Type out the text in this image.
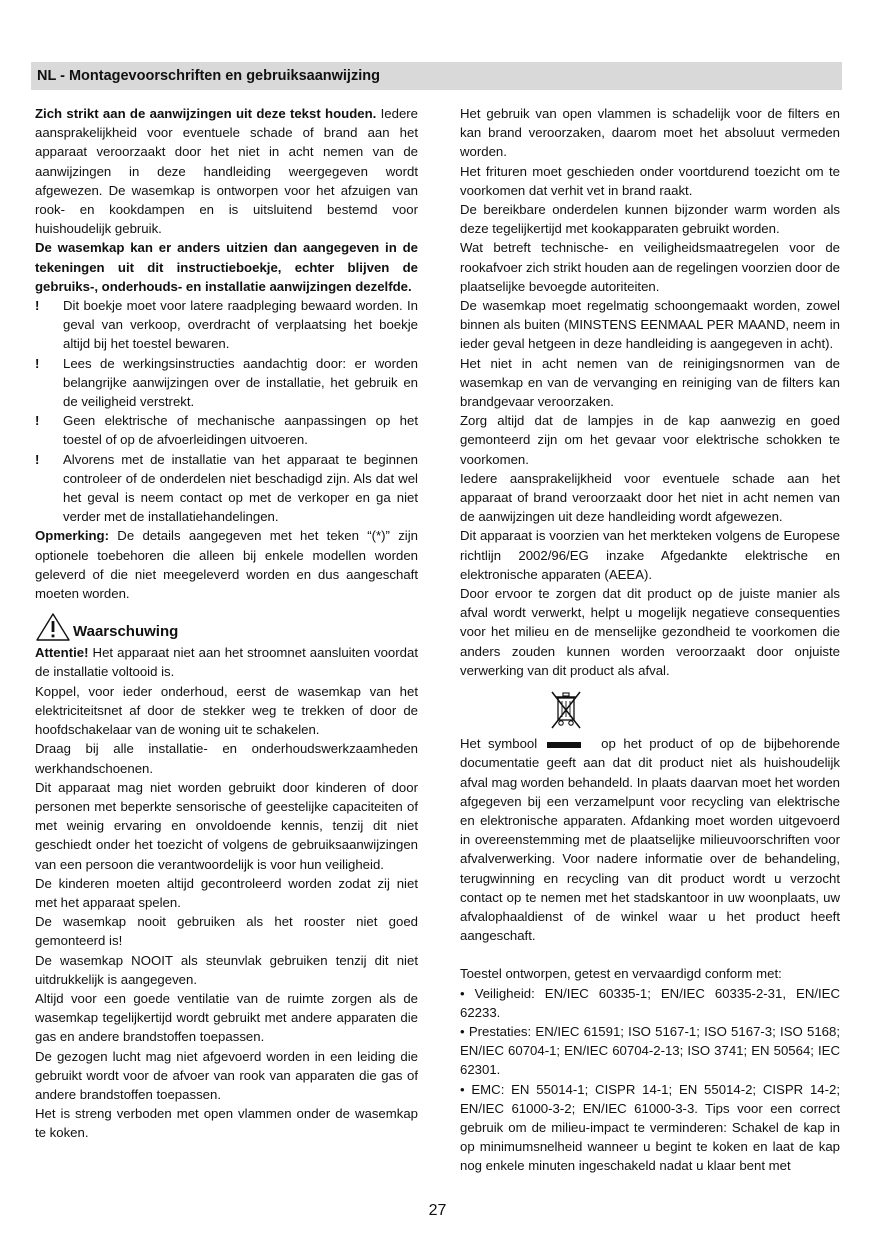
NL - Montagevoorschriften en gebruiksaanwijzing

Zich strikt aan de aanwijzingen uit deze tekst houden. Iedere aansprakelijkheid voor eventuele schade of brand aan het apparaat veroorzaakt door het niet in acht nemen van de aanwijzingen in deze handleiding weergegeven wordt afgewezen. De wasemkap is ontworpen voor het afzuigen van rook- en kookdampen en is uitsluitend bestemd voor huishoudelijk gebruik.

De wasemkap kan er anders uitzien dan aangegeven in de tekeningen uit dit instructieboekje, echter blijven de gebruiks-, onderhouds- en installatie aanwijzingen dezelfde.

!	Dit boekje moet voor latere raadpleging bewaard worden. In geval van verkoop, overdracht of verplaatsing het boekje altijd bij het toestel bewaren.
!	Lees de werkingsinstructies aandachtig door: er worden belangrijke aanwijzingen over de installatie, het gebruik en de veiligheid verstrekt.
!	Geen elektrische of mechanische aanpassingen op het toestel of op de afvoerleidingen uitvoeren.
!	Alvorens met de installatie van het apparaat te beginnen controleer of de onderdelen niet beschadigd zijn. Als dat wel het geval is neem contact op met de verkoper en ga niet verder met de installatiehandelingen.

Opmerking: De details aangegeven met het teken “(*)” zijn optionele toebehoren die alleen bij enkele modellen worden geleverd of die niet meegeleverd worden en dus aangeschaft moeten worden.

Waarschuwing

Attentie! Het apparaat niet aan het stroomnet aansluiten voordat de installatie voltooid is.

Koppel, voor ieder onderhoud, eerst de wasemkap van het elektriciteitsnet af door de stekker weg te trekken of door de hoofdschakelaar van de woning uit te schakelen.

Draag bij alle installatie- en onderhoudswerkzaamheden werkhandschoenen.

Dit apparaat mag niet worden gebruikt door kinderen of door personen met beperkte sensorische of geestelijke capaciteiten of met weinig ervaring en onvoldoende kennis, tenzij dit niet geschiedt onder het toezicht of volgens de gebruiksaanwijzingen van een persoon die verantwoordelijk is voor hun veiligheid.

De kinderen moeten altijd gecontroleerd worden zodat zij niet met het apparaat spelen.

De wasemkap nooit gebruiken als het rooster niet goed gemonteerd is!

De wasemkap NOOIT als steunvlak gebruiken tenzij dit niet uitdrukkelijk is aangegeven.

Altijd voor een goede ventilatie van de ruimte zorgen als de wasemkap tegelijkertijd wordt gebruikt met andere apparaten die gas en andere brandstoffen toepassen.

De gezogen lucht mag niet afgevoerd worden in een leiding die gebruikt wordt voor de afvoer van rook van apparaten die gas of andere brandstoffen toepassen.

Het is streng verboden met open vlammen onder de wasemkap te koken.

Het gebruik van open vlammen is schadelijk voor de filters en kan brand veroorzaken, daarom moet het absoluut vermeden worden.

Het frituren moet geschieden onder voortdurend toezicht om te voorkomen dat verhit vet in brand raakt.

De bereikbare onderdelen kunnen bijzonder warm worden als deze tegelijkertijd met kookapparaten gebruikt worden.

Wat betreft technische- en veiligheidsmaatregelen voor de rookafvoer zich strikt houden aan de regelingen voorzien door de plaatselijke bevoegde autoriteiten.

De wasemkap moet regelmatig schoongemaakt worden, zowel binnen als buiten (MINSTENS EENMAAL PER MAAND, neem in ieder geval hetgeen in deze handleiding is aangegeven in acht).

Het niet in acht nemen van de reinigingsnormen van de wasemkap en van de vervanging en reiniging van de filters kan brandgevaar veroorzaken.

Zorg altijd dat de lampjes in de kap aanwezig en goed gemonteerd zijn om het gevaar voor elektrische schokken te voorkomen.

Iedere aansprakelijkheid voor eventuele schade aan het apparaat of brand veroorzaakt door het niet in acht nemen van de aanwijzingen uit deze handleiding wordt afgewezen.

Dit apparaat is voorzien van het merkteken volgens de Europese richtlijn 2002/96/EG inzake Afgedankte elektrische en elektronische apparaten (AEEA).

Door ervoor te zorgen dat dit product op de juiste manier als afval wordt verwerkt, helpt u mogelijk negatieve consequenties voor het milieu en de menselijke gezondheid te voorkomen die anders zouden kunnen worden veroorzaakt door onjuiste verwerking van dit product als afval.

Het symbool	op het product of op de bijbehorende documentatie geeft aan dat dit product niet als huishoudelijk afval mag worden behandeld. In plaats daarvan moet het worden afgegeven bij een verzamelpunt voor recycling van elektrische en elektronische apparaten. Afdanking moet worden uitgevoerd in overeenstemming met de plaatselijke milieuvoorschriften voor afvalverwerking. Voor nadere informatie over de behandeling, terugwinning en recycling van dit product wordt u verzocht contact op te nemen met het stadskantoor in uw woonplaats, uw afvalophaaldienst of de winkel waar u het product heeft aangeschaft.

Toestel ontworpen, getest en vervaardigd conform met:

• Veiligheid: EN/IEC 60335-1; EN/IEC 60335-2-31, EN/IEC 62233.

• Prestaties: EN/IEC 61591; ISO 5167-1; ISO 5167-3; ISO 5168; EN/IEC 60704-1; EN/IEC 60704-2-13; ISO 3741; EN 50564; IEC 62301.

• EMC: EN 55014-1; CISPR 14-1; EN 55014-2; CISPR 14-2; EN/IEC 61000-3-2; EN/IEC 61000-3-3. Tips voor een correct gebruik om de milieu-impact te verminderen: Schakel de kap in op minimumsnelheid wanneer u begint te koken en laat de kap nog enkele minuten ingeschakeld nadat u klaar bent met

27
